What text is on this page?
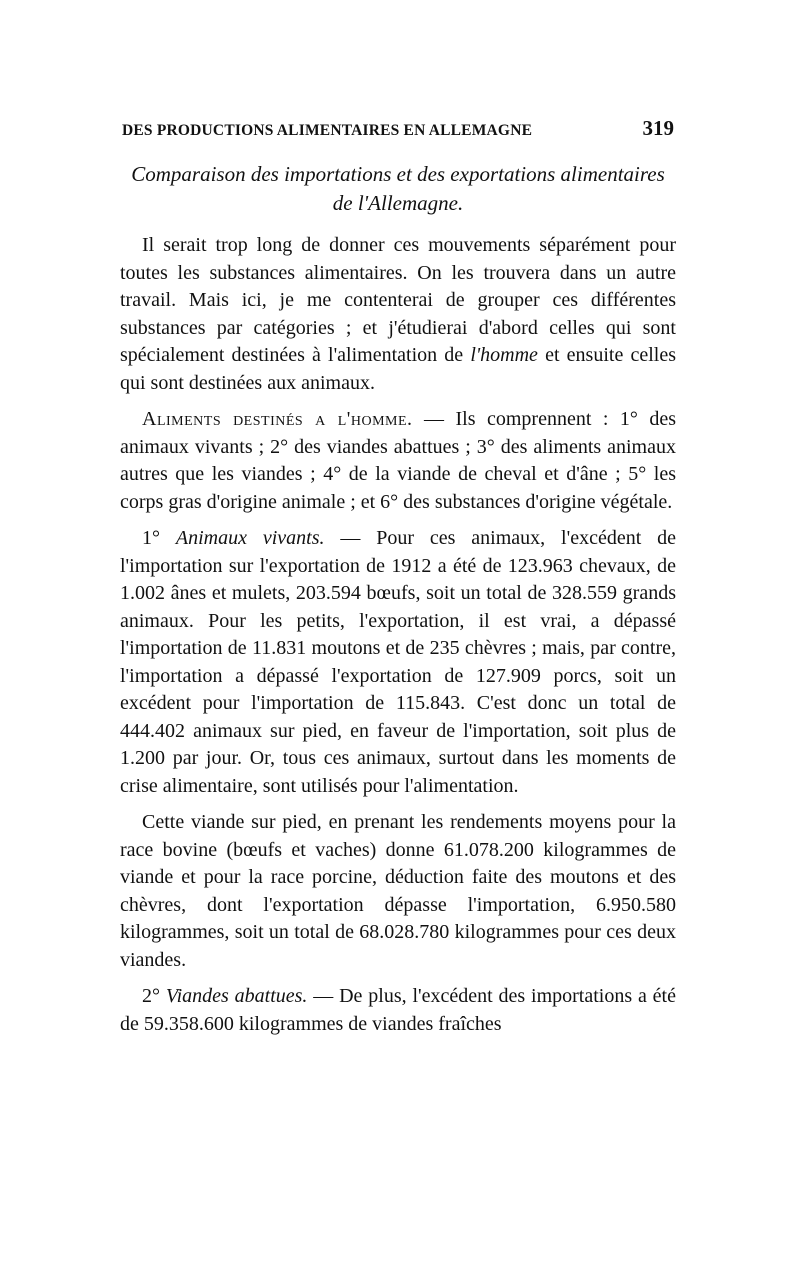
DES PRODUCTIONS ALIMENTAIRES EN ALLEMAGNE	319
Comparaison des importations et des exportations alimentaires
de l'Allemagne.

Il serait trop long de donner ces mouvements séparément pour toutes les substances alimentaires. On les trouvera dans un autre travail. Mais ici, je me contenterai de grouper ces différentes substances par catégories ; et j'étudierai d'abord celles qui sont spécialement destinées à l'alimentation de l'homme et ensuite celles qui sont destinées aux animaux.

Aliments destinés a l'homme. — Ils comprennent : 1° des animaux vivants ; 2° des viandes abattues ; 3° des aliments animaux autres que les viandes ; 4° de la viande de cheval et d'âne ; 5° les corps gras d'origine animale ; et 6° des substances d'origine végétale.

1° Animaux vivants. — Pour ces animaux, l'excédent de l'importation sur l'exportation de 1912 a été de 123.963 chevaux, de 1.002 ânes et mulets, 203.594 bœufs, soit un total de 328.559 grands animaux. Pour les petits, l'exportation, il est vrai, a dépassé l'importation de 11.831 moutons et de 235 chèvres ; mais, par contre, l'importation a dépassé l'exportation de 127.909 porcs, soit un excédent pour l'importation de 115.843. C'est donc un total de 444.402 animaux sur pied, en faveur de l'importation, soit plus de 1.200 par jour. Or, tous ces animaux, surtout dans les moments de crise alimentaire, sont utilisés pour l'alimentation.

Cette viande sur pied, en prenant les rendements moyens pour la race bovine (bœufs et vaches) donne 61.078.200 kilogrammes de viande et pour la race porcine, déduction faite des moutons et des chèvres, dont l'exportation dépasse l'importation, 6.950.580 kilogrammes, soit un total de 68.028.780 kilogrammes pour ces deux viandes.

2° Viandes abattues. — De plus, l'excédent des importations a été de 59.358.600 kilogrammes de viandes fraîches
